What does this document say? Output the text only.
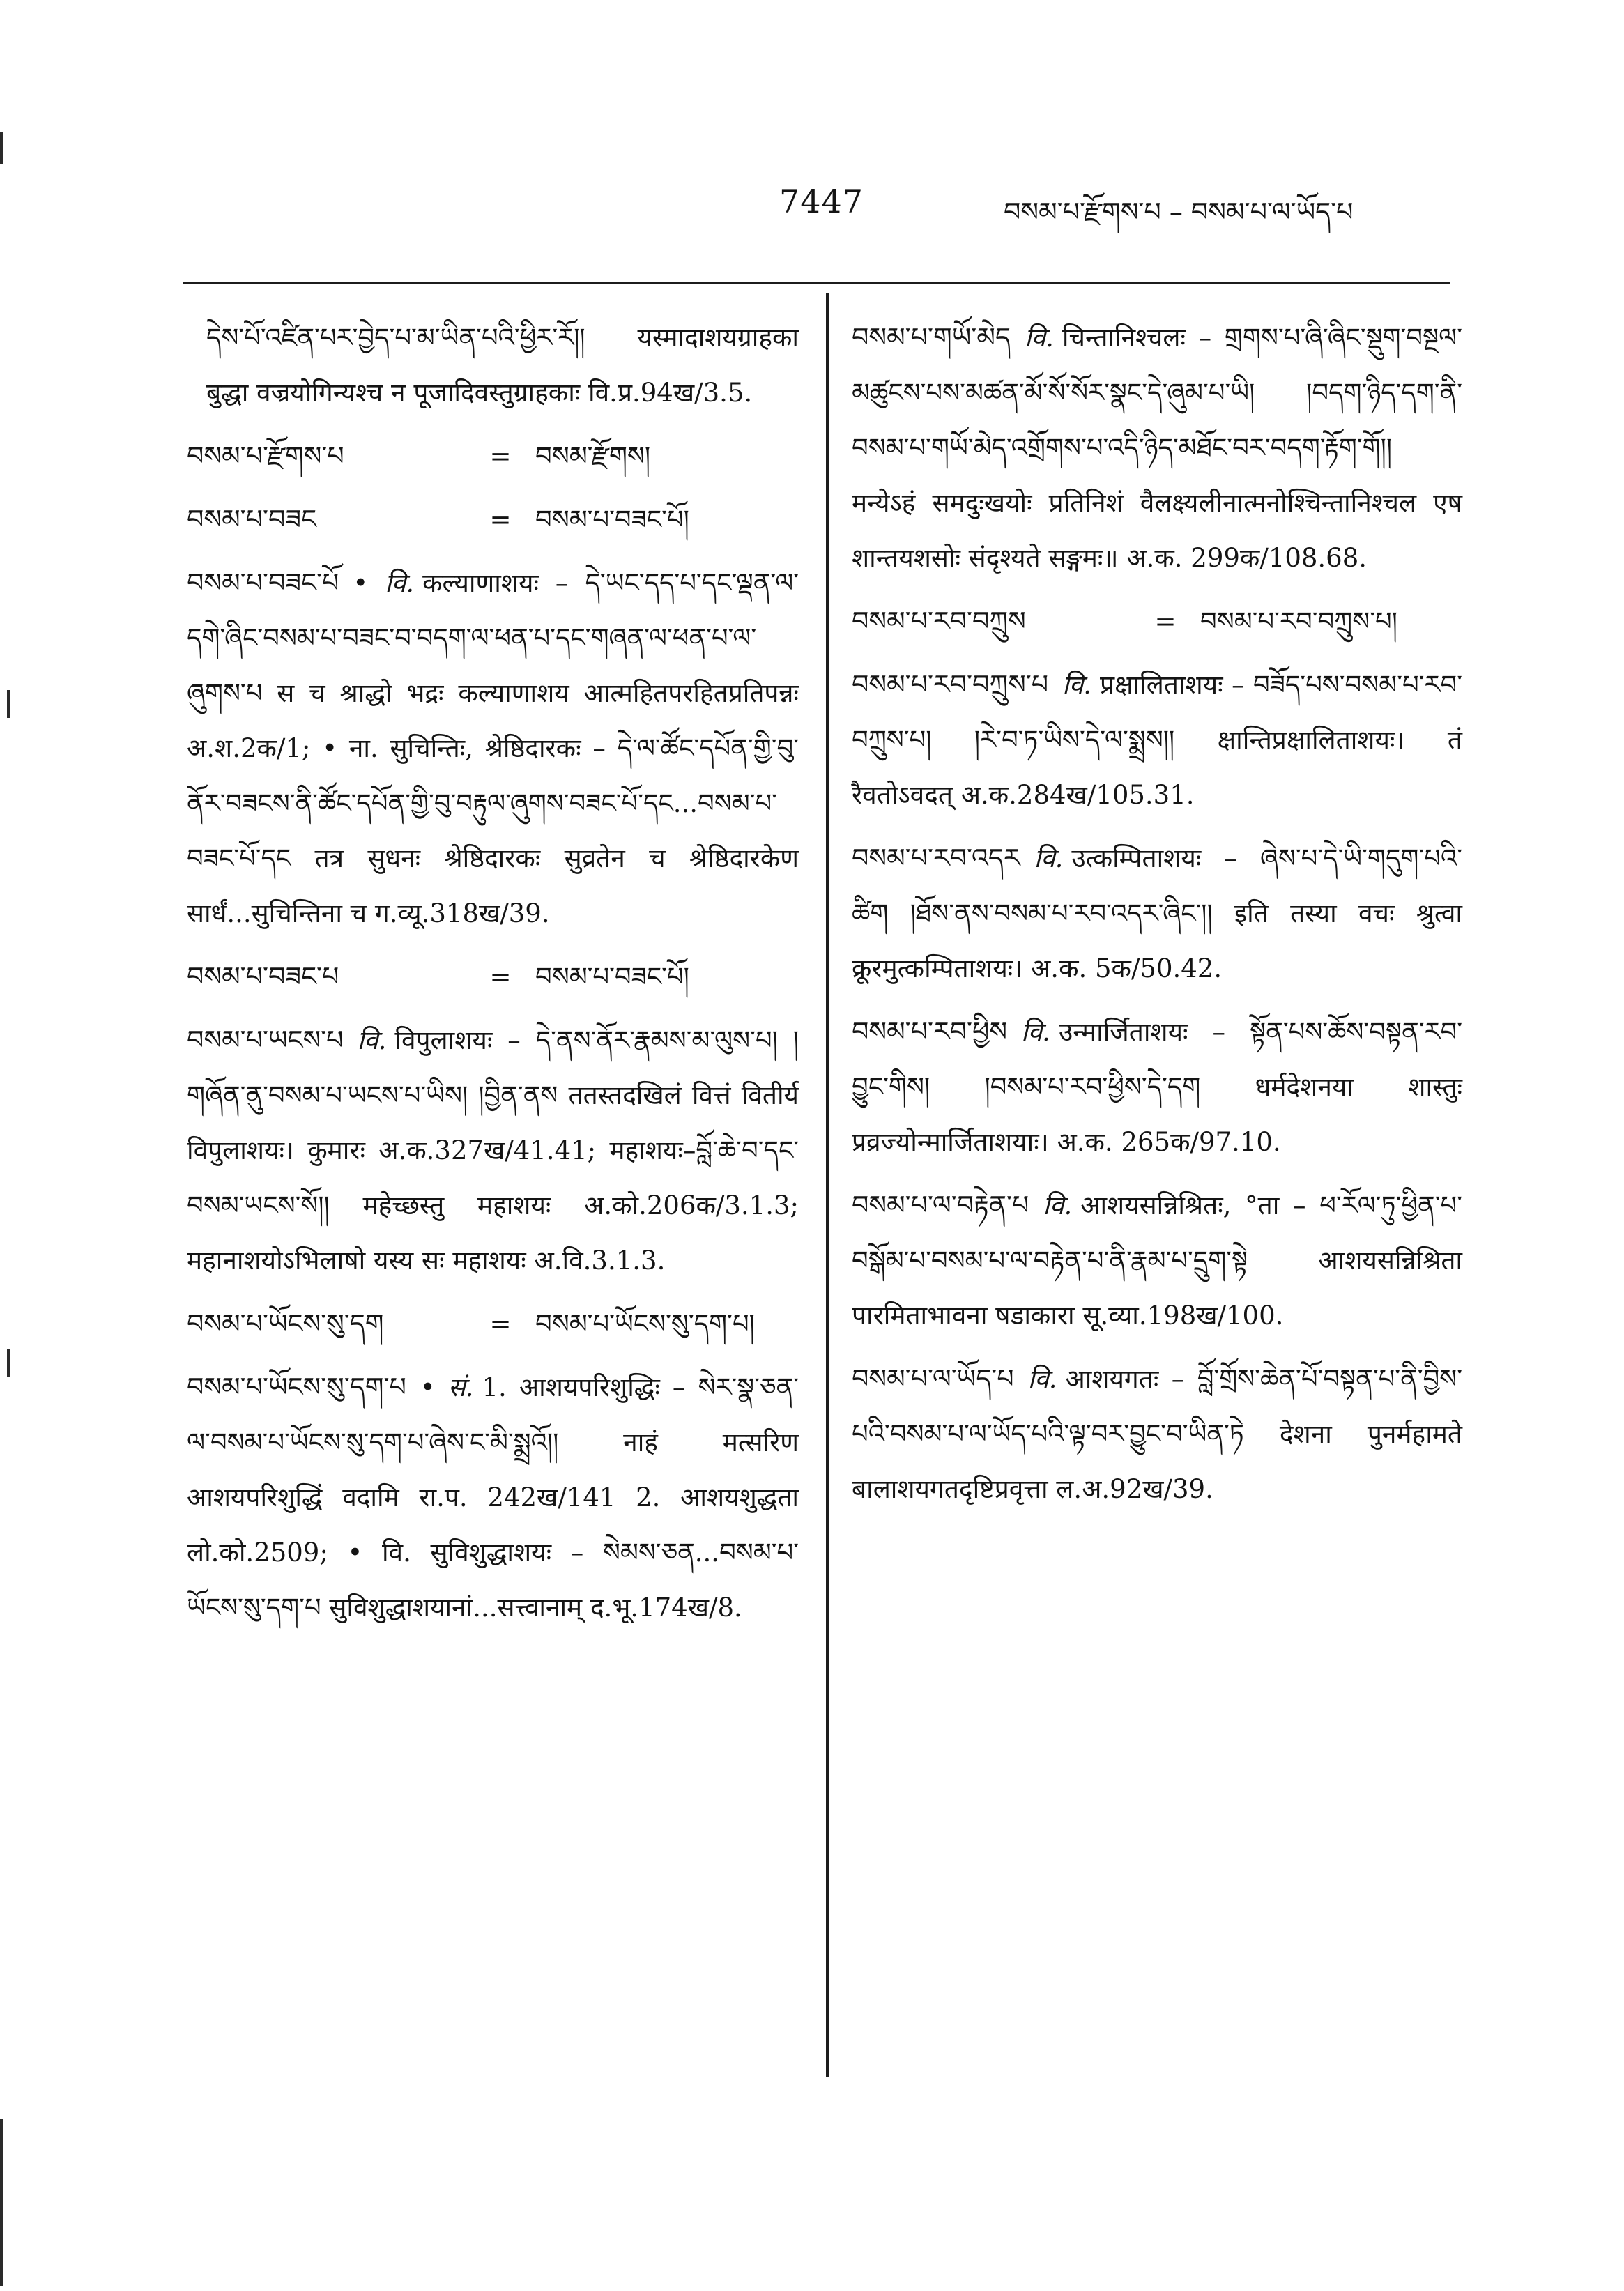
7447	བསམ་པ་རྫོགས་པ – བསམ་པ་ལ་ཡོད་པ
དེས་པོ་འཛིན་པར་བྱེད་པ་མ་ཡིན་པའི་ཕྱིར་རོ།། यस्मादाशयग्राहका बुद्धा वज्रयोगिन्यश्च न पूजादिवस्तुग्राहकाः वि.प्र.94ख/3.5.
བསམ་པ་རྫོགས་པ	= བསམ་རྫོགས།
བསམ་པ་བཟང	= བསམ་པ་བཟང་པོ།
བསམ་པ་བཟང་པོ • वि. कल्याणाशयः – དེ་ཡང་དད་པ་དང་ལྡན་ལ་དགེ་ཞིང་བསམ་པ་བཟང་བ་བདག་ལ་ཕན་པ་དང་གཞན་ལ་ཕན་པ་ལ་ཞུགས་པ स च श्राद्धो भद्रः कल्याणाशय आत्महितपरहितप्रतिपन्नः अ.श.2क/1; • ना. सुचिन्तिः, श्रेष्ठिदारकः – དེ་ལ་ཚོང་དཔོན་གྱི་བུ་ནོར་བཟངས་ནི་ཚོང་དཔོན་གྱི་བུ་བརྟུལ་ཞུགས་བཟང་པོ་དང...བསམ་པ་བཟང་པོ་དང तत्र सुधनः श्रेष्ठिदारकः सुव्रतेन च श्रेष्ठिदारकेण सार्धं...सुचिन्तिना च ग.व्यू.318ख/39.
བསམ་པ་བཟང་པ	= བསམ་པ་བཟང་པོ།
བསམ་པ་ཡངས་པ वि. विपुलाशयः – དེ་ནས་ནོར་རྣམས་མ་ལུས་པ། །གཞོན་ནུ་བསམ་པ་ཡངས་པ་ཡིས། །བྱིན་ནས ततस्तदखिलं वित्तं वितीर्य विपुलाशयः। कुमारः अ.क.327ख/41.41; महाशयः–བློ་ཆེ་བ་དང་བསམ་ཡངས་སོ།། महेच्छस्तु महाशयः अ.को.206क/3.1.3; महानाशयोऽभिलाषो यस्य सः महाशयः अ.वि.3.1.3.
བསམ་པ་ཡོངས་སུ་དག	= བསམ་པ་ཡོངས་སུ་དག་པ།
བསམ་པ་ཡོངས་སུ་དག་པ • सं. 1. आशयपरिशुद्धिः – སེར་སྣ་ཅན་ལ་བསམ་པ་ཡོངས་སུ་དག་པ་ཞེས་ང་མི་སྨྲའོ།། नाहं मत्सरिण आशयपरिशुद्धिं वदामि रा.प. 242ख/141 2. आशयशुद्धता लो.को.2509; • वि. सुविशुद्धाशयः – སེམས་ཅན...བསམ་པ་ཡོངས་སུ་དག་པ सुविशुद्धाशयानां...सत्त्वानाम् द.भू.174ख/8.
བསམ་པ་གཡོ་མེད वि. चिन्तानिश्चलः – གྲགས་པ་ཞི་ཞིང་སྡུག་བསྔལ་མཚུངས་པས་མཚན་མོ་སོ་སོར་སྣང་དེ་ཞུམ་པ་ཡི། །བདག་ཉིད་དག་ནི་བསམ་པ་གཡོ་མེད་འགྲོགས་པ་འདི་ཉིད་མཐོང་བར་བདག་རྟོག་གོ།། मन्येऽहं समदुःखयोः प्रतिनिशं वैलक्ष्यलीनात्मनोश्चिन्तानिश्चल एष शान्तयशसोः संदृश्यते सङ्गमः॥ अ.क. 299क/108.68.
བསམ་པ་རབ་བཀྲུས	= བསམ་པ་རབ་བཀྲུས་པ།
བསམ་པ་རབ་བཀྲུས་པ वि. प्रक्षालिताशयः – བཟོད་པས་བསམ་པ་རབ་བཀྲུས་པ། །རེ་བ་ཏ་ཡིས་དེ་ལ་སྨྲས།། क्षान्तिप्रक्षालिताशयः। तं रैवतोऽवदत् अ.क.284ख/105.31.
བསམ་པ་རབ་འདར वि. उत्कम्पिताशयः – ཞེས་པ་དེ་ཡི་གདུག་པའི་ཚིག །ཐོས་ནས་བསམ་པ་རབ་འདར་ཞིང་།། इति तस्या वचः श्रुत्वा क्रूरमुत्कम्पिताशयः। अ.क. 5क/50.42.
བསམ་པ་རབ་ཕྱིས वि. उन्मार्जिताशयः – སྟོན་པས་ཆོས་བསྟན་རབ་བྱུང་གིས། །བསམ་པ་རབ་ཕྱིས་དེ་དག धर्मदेशनया शास्तुः प्रव्रज्योन्मार्जिताशयाः। अ.क. 265क/97.10.
བསམ་པ་ལ་བརྟེན་པ वि. आशयसन्निश्रितः, °ता – ཕ་རོལ་ཏུ་ཕྱིན་པ་བསྒོམ་པ་བསམ་པ་ལ་བརྟེན་པ་ནི་རྣམ་པ་དྲུག་སྟེ आशयसन्निश्रिता पारमिताभावना षडाकारा सू.व्या.198ख/100.
བསམ་པ་ལ་ཡོད་པ वि. आशयगतः – བློ་གྲོས་ཆེན་པོ་བསྟན་པ་ནི་བྱིས་པའི་བསམ་པ་ལ་ཡོད་པའི་ལྟ་བར་བྱུང་བ་ཡིན་ཏེ देशना पुनर्महामते बालाशयगतदृष्टिप्रवृत्ता ल.अ.92ख/39.
